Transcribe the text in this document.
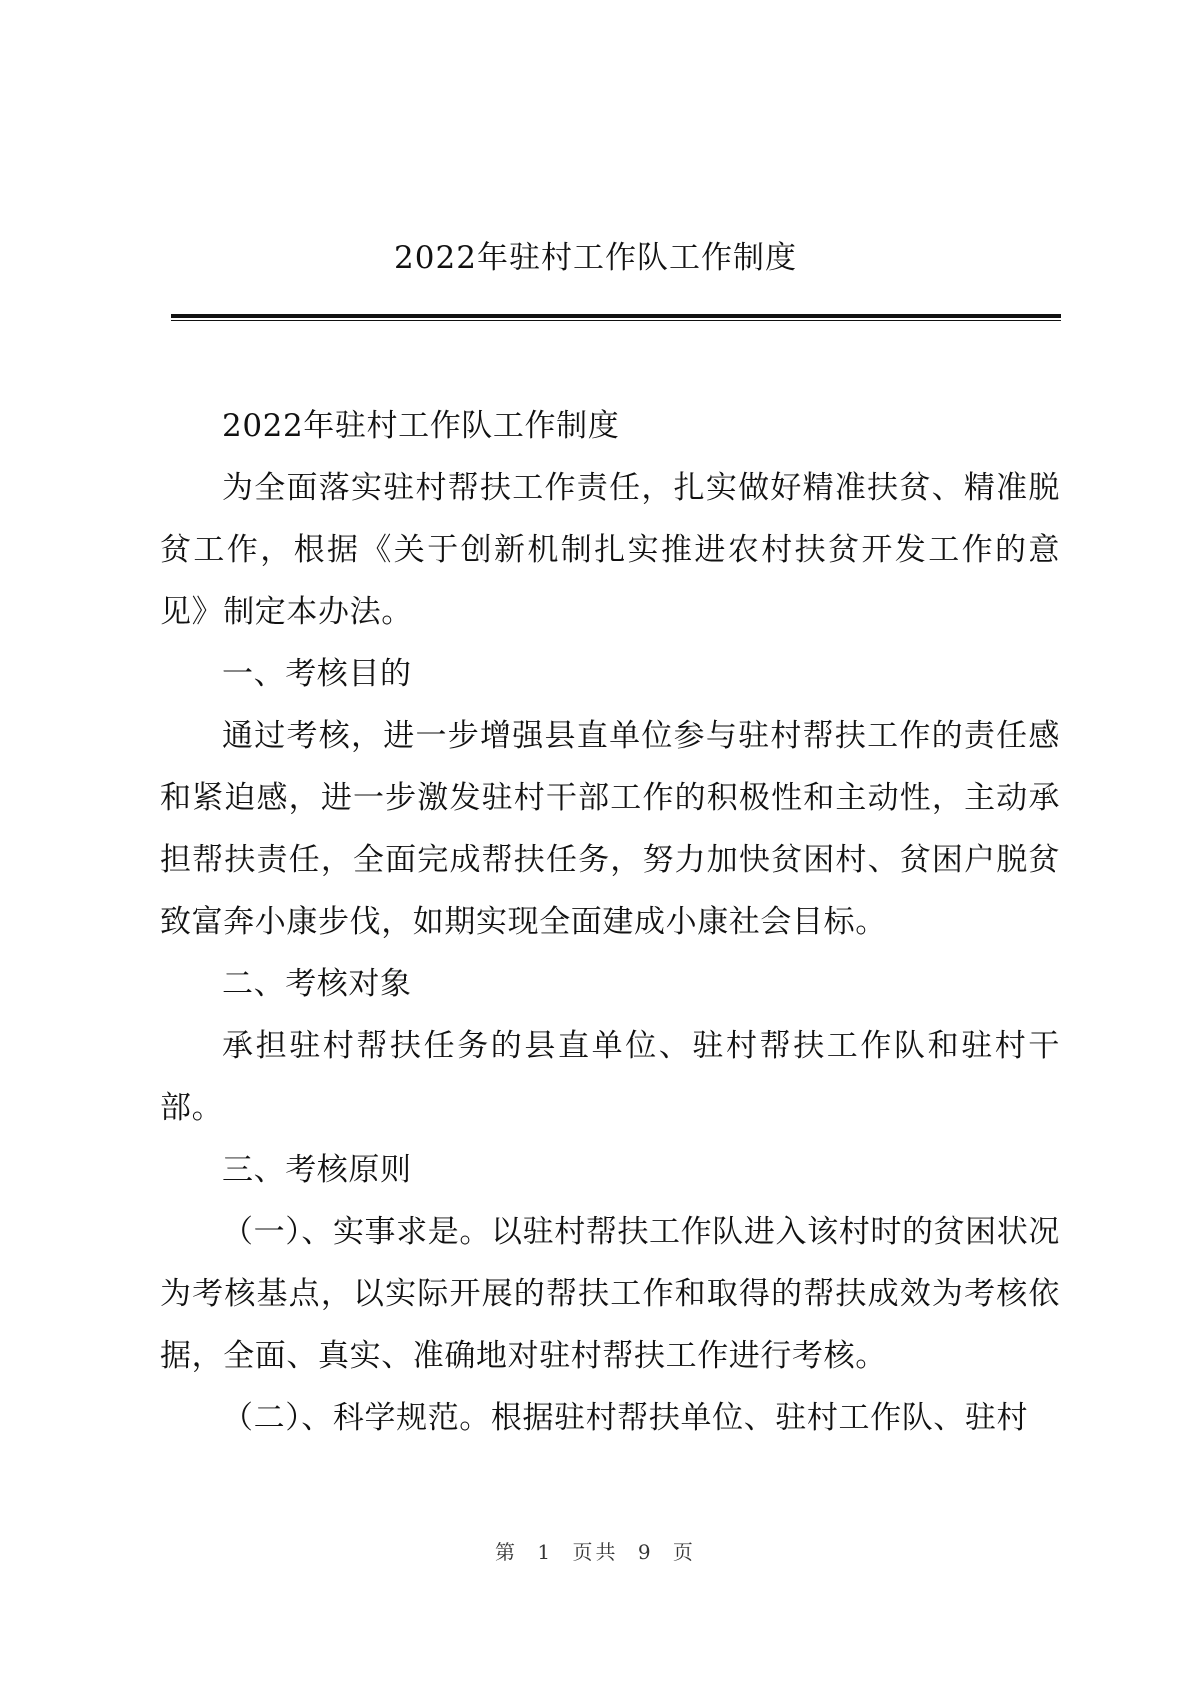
2022年驻村工作队工作制度

2022年驻村工作队工作制度

为全面落实驻村帮扶工作责任，扎实做好精准扶贫、精准脱贫工作，根据《关于创新机制扎实推进农村扶贫开发工作的意见》制定本办法。

一、考核目的

通过考核，进一步增强县直单位参与驻村帮扶工作的责任感和紧迫感，进一步激发驻村干部工作的积极性和主动性，主动承担帮扶责任，全面完成帮扶任务，努力加快贫困村、贫困户脱贫致富奔小康步伐，如期实现全面建成小康社会目标。

二、考核对象

承担驻村帮扶任务的县直单位、驻村帮扶工作队和驻村干部。

三、考核原则

（一）、实事求是。以驻村帮扶工作队进入该村时的贫困状况为考核基点，以实际开展的帮扶工作和取得的帮扶成效为考核依据，全面、真实、准确地对驻村帮扶工作进行考核。

（二）、科学规范。根据驻村帮扶单位、驻村工作队、驻村

第 1 页共 9 页
